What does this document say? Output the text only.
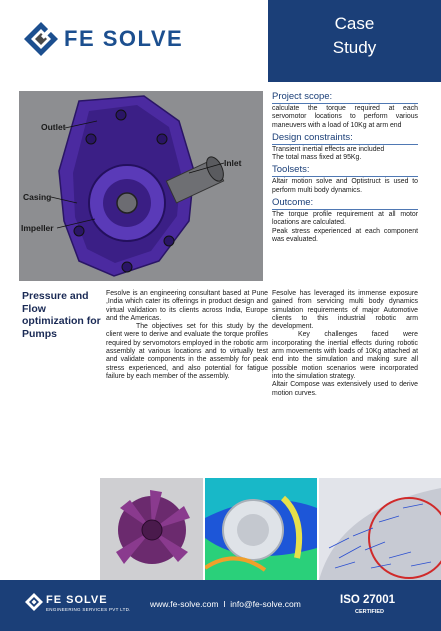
FE SOLVE
Case
Study
Outlet
Inlet
Casing
Impeller
Pressure and Flow optimization for Pumps

Fesolve is an engineering consultant based at Pune ,India which cater its offerings in product design and virtual validation to its clients across India, Europe and the Americas.

The objectives set for this study by the client were to derive and evaluate the torque profiles required by servomotors employed in the robotic arm assembly at various locations and to virtually test and validate components in the assembly for peak stress experienced, and also potential for fatigue failure by each member of the assembly.

Project scope:

calculate the torque required at each servomotor locations to perform various maneuvers with a load of 10Kg at arm end

Design constraints:

Transient inertial effects are included

The total mass fixed at 95Kg.

Toolsets:

Altair motion solve and Optistruct is used to perform multi body dynamics.

Outcome:

The torque profile requirement at all motor locations are calculated.

Peak stress experienced at each component was evaluated.

Fesolve has leveraged its immense exposure gained from servicing multi body dynamics simulation requirements of major Automotive clients to this industrial robotic arm development.

Key challenges faced were incorporating the inertial effects during robotic arm movements with loads of 10Kg attached at end into the simulation and making sure all possible motion scenarios were incorporated into the simulation strategy.

Altair Compose was extensively used to derive motion curves.

FE SOLVE
ENGINEERING SERVICES PVT LTD.
www.fe-solve.com  I  info@fe-solve.com	ISO 27001
CERTIFIED
